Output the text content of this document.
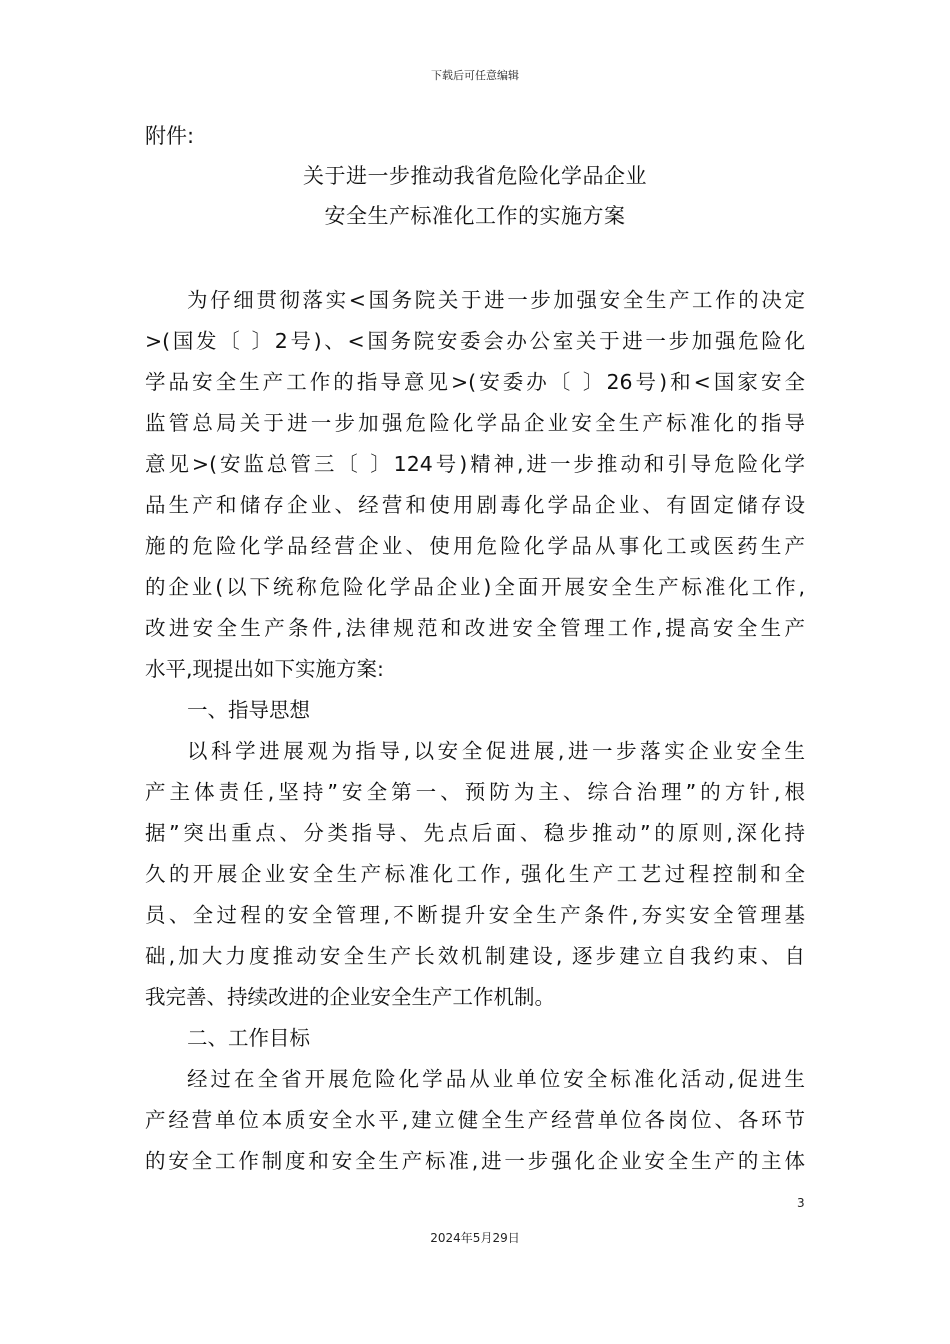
下载后可任意编辑
附件:
关于进一步推动我省危险化学品企业
安全生产标准化工作的实施方案
为仔细贯彻落实<国务院关于进一步加强安全生产工作的决定
>(国发〔 〕2号)、<国务院安委会办公室关于进一步加强危险化
学品安全生产工作的指导意见>(安委办〔 〕26号)和<国家安全
监管总局关于进一步加强危险化学品企业安全生产标准化的指导
意见>(安监总管三〔 〕124号)精神,进一步推动和引导危险化学
品生产和储存企业、经营和使用剧毒化学品企业、有固定储存设
施的危险化学品经营企业、使用危险化学品从事化工或医药生产
的企业(以下统称危险化学品企业)全面开展安全生产标准化工作,
改进安全生产条件,法律规范和改进安全管理工作,提高安全生产
水平,现提出如下实施方案:
一、指导思想
以科学进展观为指导,以安全促进展,进一步落实企业安全生
产主体责任,坚持”安全第一、预防为主、综合治理”的方针,根
据”突出重点、分类指导、先点后面、稳步推动”的原则,深化持
久的开展企业安全生产标准化工作, 强化生产工艺过程控制和全
员、全过程的安全管理,不断提升安全生产条件,夯实安全管理基
础,加大力度推动安全生产长效机制建设, 逐步建立自我约束、自
我完善、持续改进的企业安全生产工作机制。
二、工作目标
经过在全省开展危险化学品从业单位安全标准化活动,促进生
产经营单位本质安全水平,建立健全生产经营单位各岗位、各环节
的安全工作制度和安全生产标准,进一步强化企业安全生产的主体
3
2024年5月29日
